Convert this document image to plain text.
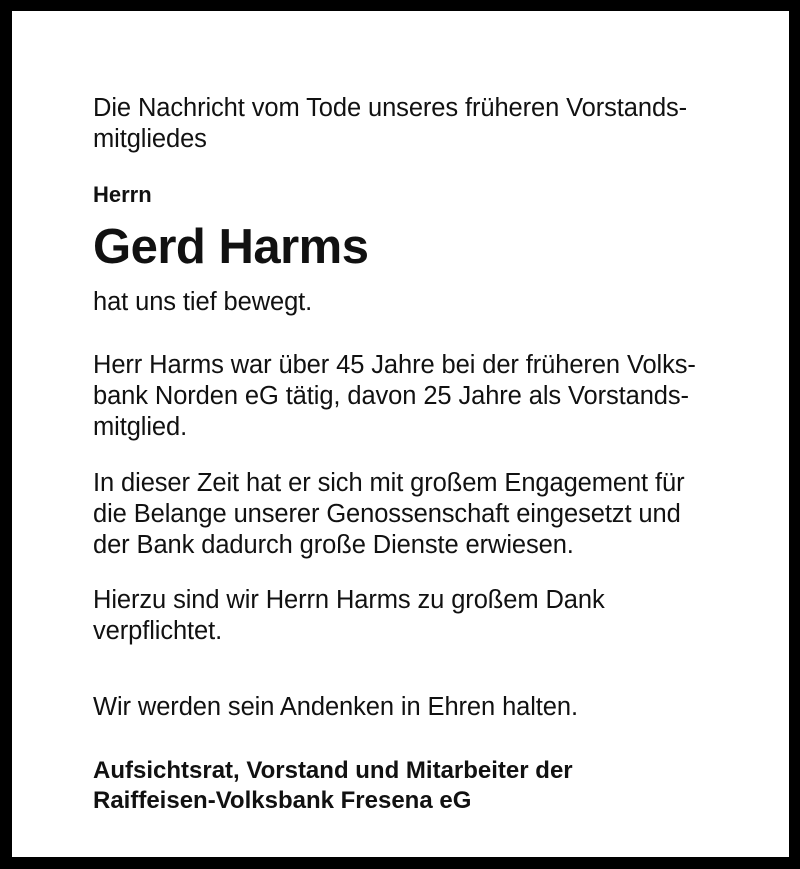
Die Nachricht vom Tode unseres früheren Vorstands-
mitgliedes

Herrn

Gerd Harms

hat uns tief bewegt.

Herr Harms war über 45 Jahre bei der früheren Volks-
bank Norden eG tätig, davon 25 Jahre als Vorstands-
mitglied.

In dieser Zeit hat er sich mit großem Engagement für
die Belange unserer Genossenschaft eingesetzt und
der Bank dadurch große Dienste erwiesen.

Hierzu sind wir Herrn Harms zu großem Dank
verpflichtet.

Wir werden sein Andenken in Ehren halten.

Aufsichtsrat, Vorstand und Mitarbeiter der
Raiffeisen-Volksbank Fresena eG
